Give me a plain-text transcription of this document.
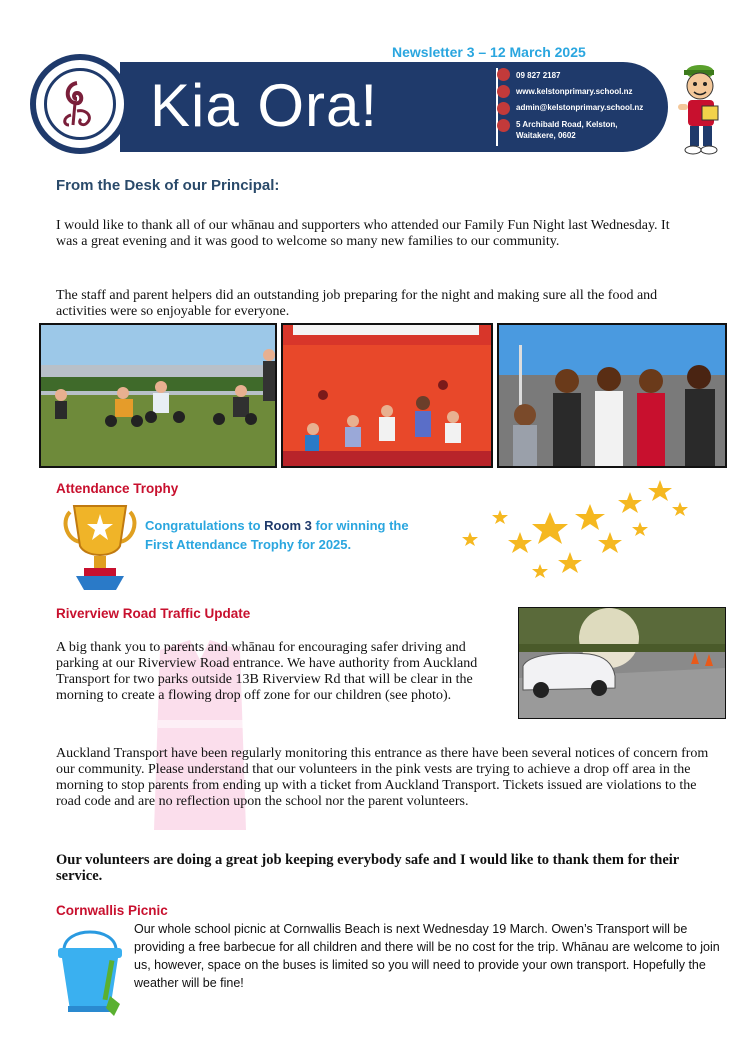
Newsletter 3 – 12 March 2025
Kia Ora!	09 827 2187
www.kelstonprimary.school.nz
admin@kelstonprimary.school.nz
5 Archibald Road, Kelston,
Waitakere, 0602
From the Desk of our Principal:
I would like to thank all of our whānau and supporters who attended our Family Fun Night last Wednesday. It was a great evening and it was good to welcome so many new families to our community.
The staff and parent helpers did an outstanding job preparing for the night and making sure all the food and activities were so enjoyable for everyone.
Attendance Trophy
Congratulations to Room 3 for winning the
First Attendance Trophy for 2025.
Riverview Road Traffic Update
A big thank you to parents and whānau for encouraging safer driving and parking at our Riverview Road entrance. We have authority from Auckland Transport for two parks outside 13B Riverview Rd that will be clear in the morning to create a flowing drop off zone for our children (see photo).
Auckland Transport have been regularly monitoring this entrance as there have been several notices of concern from our community. Please understand that our volunteers in the pink vests are trying to achieve a drop off area in the morning to stop parents from ending up with a ticket from Auckland Transport. Tickets issued are violations to the road code and are no reflection upon the school nor the parent volunteers.
Our volunteers are doing a great job keeping everybody safe and I would like to thank them for their service.
Cornwallis Picnic
Our whole school picnic at Cornwallis Beach is next Wednesday 19 March. Owen’s Transport will be providing a free barbecue for all children and there will be no cost for the trip. Whānau are welcome to join us, however, space on the buses is limited so you will need to provide your own transport. Hopefully the weather will be fine!
